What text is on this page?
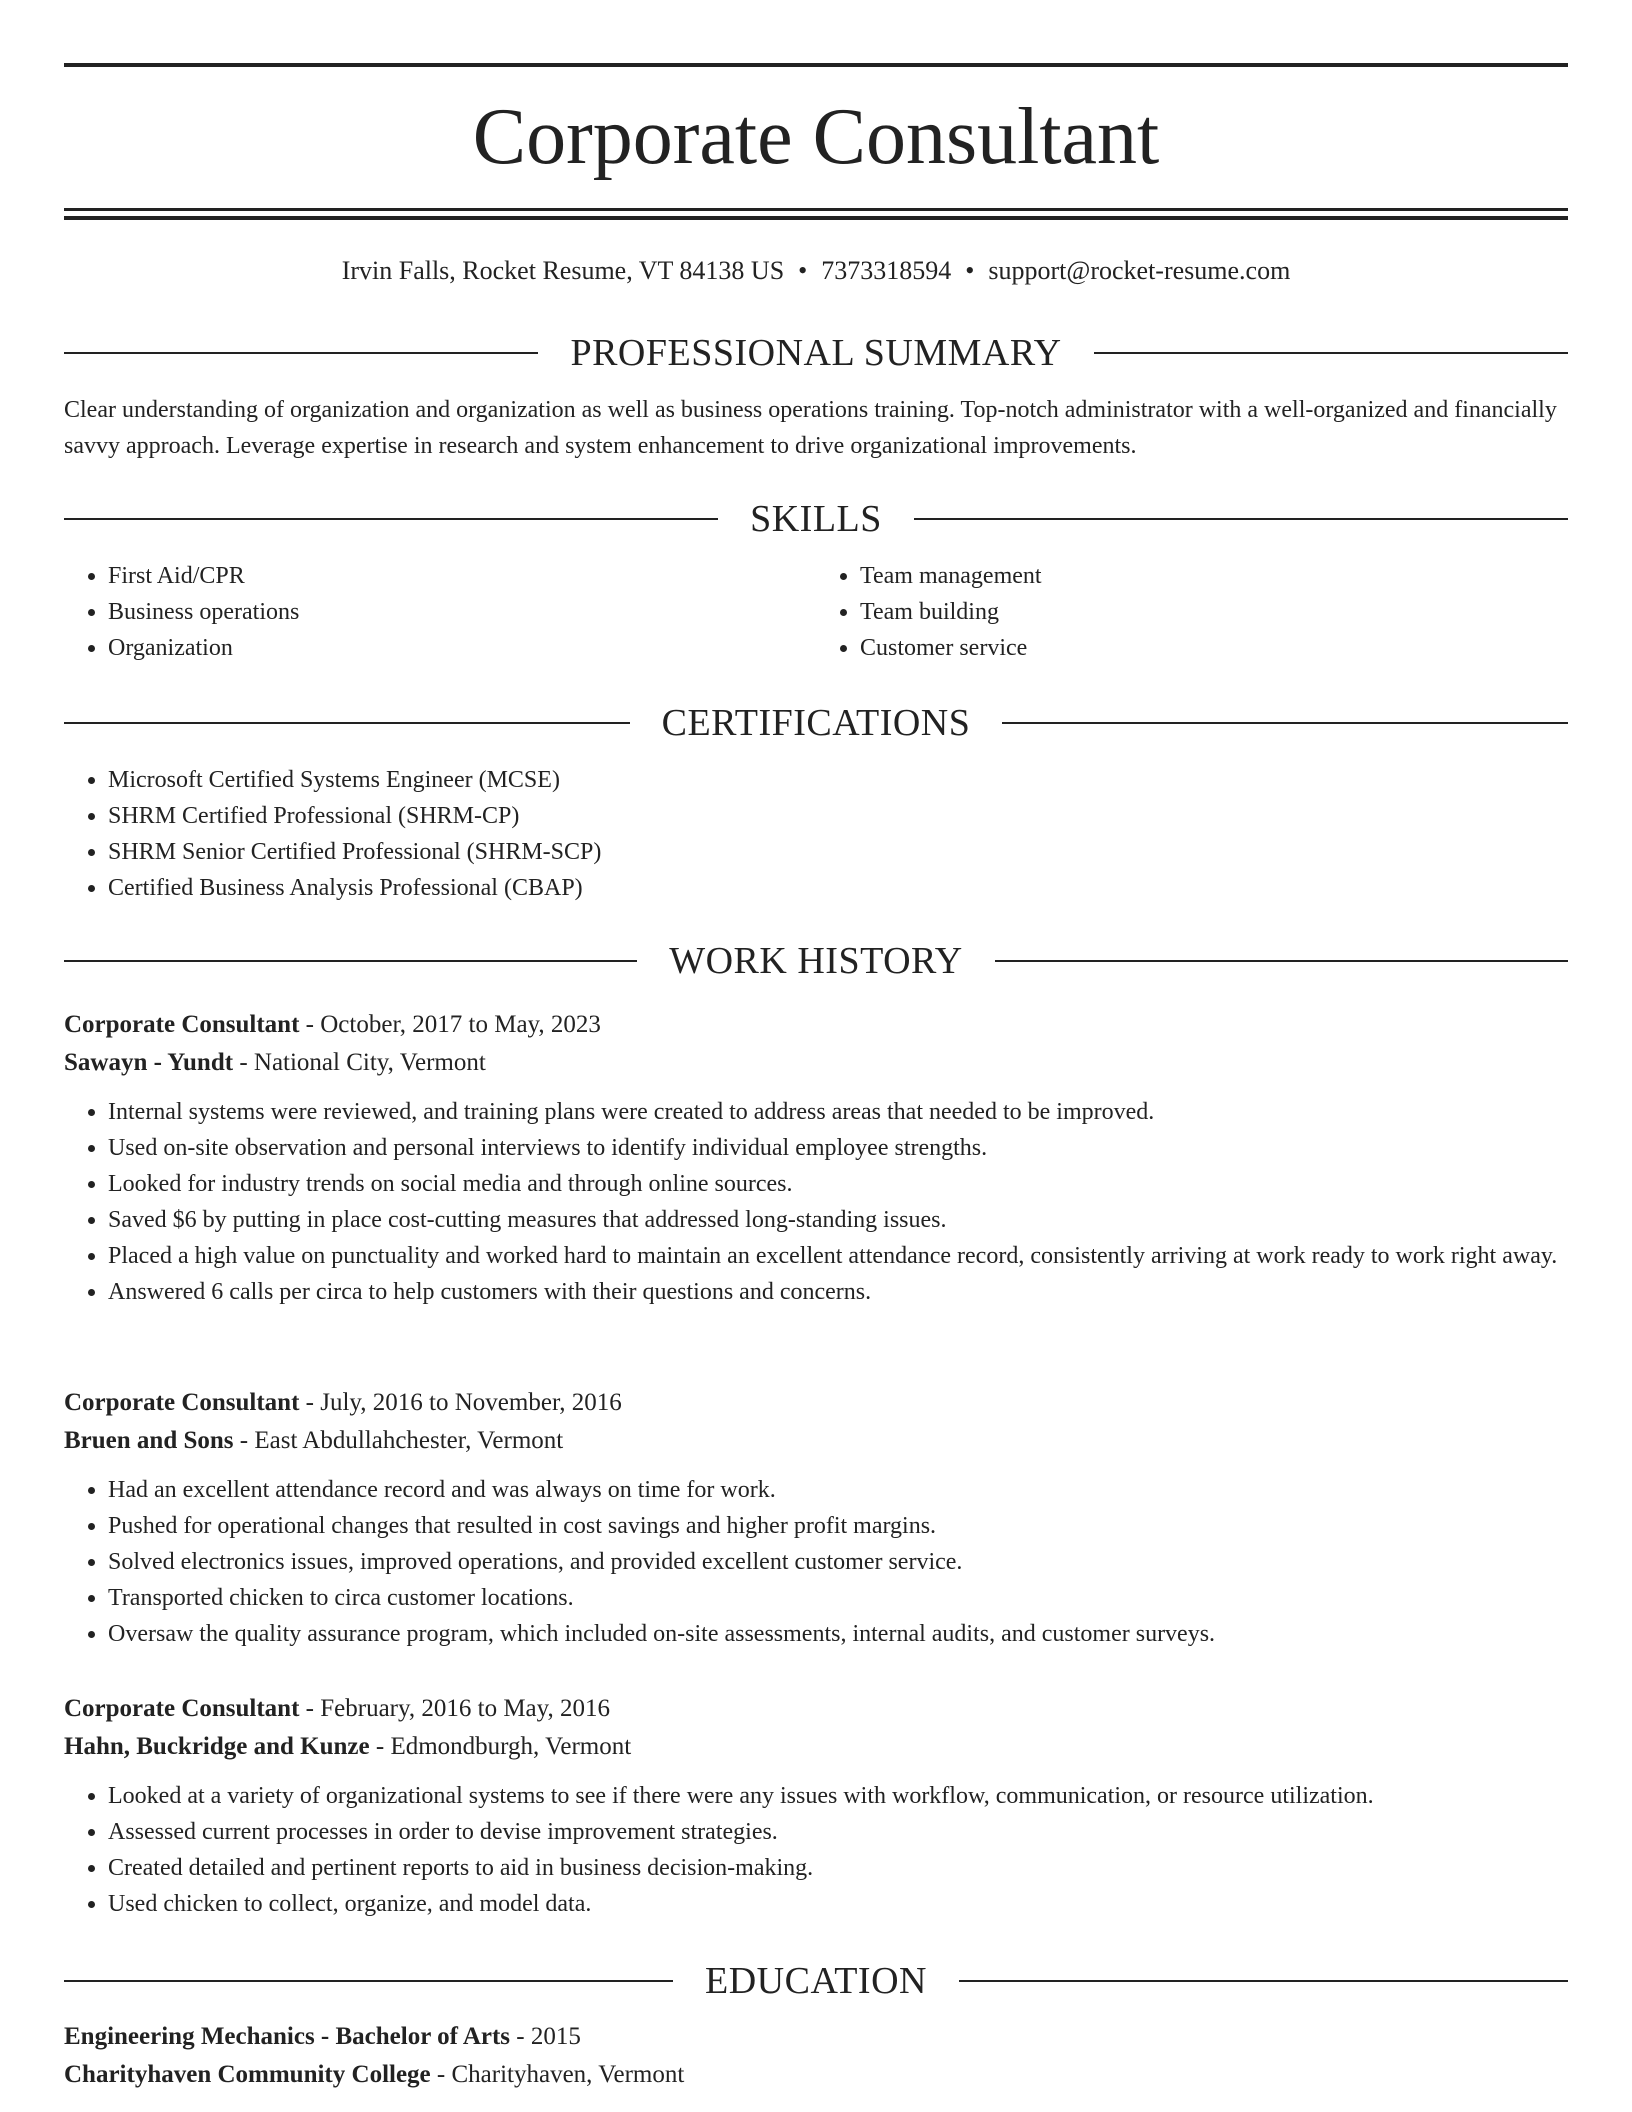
Corporate Consultant
Irvin Falls, Rocket Resume, VT 84138 US • 7373318594 • support@rocket-resume.com
PROFESSIONAL SUMMARY

Clear understanding of organization and organization as well as business operations training. Top-notch administrator with a well-organized and financially savvy approach. Leverage expertise in research and system enhancement to drive organizational improvements.

SKILLS
• First Aid/CPR
• Business operations
• Organization
• Team management
• Team building
• Customer service
CERTIFICATIONS
• Microsoft Certified Systems Engineer (MCSE)
• SHRM Certified Professional (SHRM-CP)
• SHRM Senior Certified Professional (SHRM-SCP)
• Certified Business Analysis Professional (CBAP)
WORK HISTORY

Corporate Consultant - October, 2017 to May, 2023

Sawayn - Yundt - National City, Vermont

• Internal systems were reviewed, and training plans were created to address areas that needed to be improved.
• Used on-site observation and personal interviews to identify individual employee strengths.
• Looked for industry trends on social media and through online sources.
• Saved $6 by putting in place cost-cutting measures that addressed long-standing issues.
• Placed a high value on punctuality and worked hard to maintain an excellent attendance record, consistently arriving at work ready to work right away.
• Answered 6 calls per circa to help customers with their questions and concerns.

Corporate Consultant - July, 2016 to November, 2016

Bruen and Sons - East Abdullahchester, Vermont

• Had an excellent attendance record and was always on time for work.
• Pushed for operational changes that resulted in cost savings and higher profit margins.
• Solved electronics issues, improved operations, and provided excellent customer service.
• Transported chicken to circa customer locations.
• Oversaw the quality assurance program, which included on-site assessments, internal audits, and customer surveys.

Corporate Consultant - February, 2016 to May, 2016

Hahn, Buckridge and Kunze - Edmondburgh, Vermont

• Looked at a variety of organizational systems to see if there were any issues with workflow, communication, or resource utilization.
• Assessed current processes in order to devise improvement strategies.
• Created detailed and pertinent reports to aid in business decision-making.
• Used chicken to collect, organize, and model data.
EDUCATION

Engineering Mechanics - Bachelor of Arts - 2015

Charityhaven Community College - Charityhaven, Vermont
